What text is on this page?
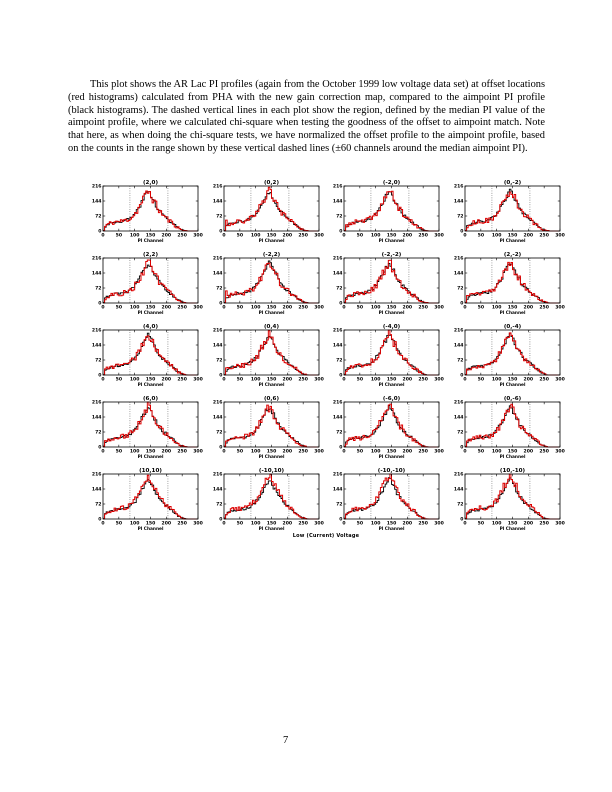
This plot shows the AR Lac PI profiles (again from the October 1999 low voltage data set) at offset locations (red histograms) calculated from PHA with the new gain correction map, compared to the aimpoint PI profile (black histograms). The dashed vertical lines in each plot show the region, defined by the median PI value of the aimpoint profile, where we calculated chi-square when testing the goodness of the offset to aimpoint match. Note that here, as when doing the chi-square tests, we have normalized the offset profile to the aimpoint profile, based on the counts in the range shown by these vertical dashed lines (±60 channels around the median aimpoint PI).

(2,0)
0 50 100 150 200 250 300
0
72
144
216
PI Channel
(0,2)
0 50 100 150 200 250 300
0
72
144
216
PI Channel
(-2,0)
0 50 100 150 200 250 300
0
72
144
216
PI Channel
(0,-2)
0 50 100 150 200 250 300
0
72
144
216
PI Channel
(2,2)
0 50 100 150 200 250 300
0
72
144
216
PI Channel
(-2,2)
0 50 100 150 200 250 300
0
72
144
216
PI Channel
(-2,-2)
0 50 100 150 200 250 300
0
72
144
216
PI Channel
(2,-2)
0 50 100 150 200 250 300
0
72
144
216
PI Channel
(4,0)
0 50 100 150 200 250 300
0
72
144
216
PI Channel
(0,4)
0 50 100 150 200 250 300
0
72
144
216
PI Channel
(-4,0)
0 50 100 150 200 250 300
0
72
144
216
PI Channel
(0,-4)
0 50 100 150 200 250 300
0
72
144
216
PI Channel
(6,0)
0 50 100 150 200 250 300
0
72
144
216
PI Channel
(0,6)
0 50 100 150 200 250 300
0
72
144
216
PI Channel
(-6,0)
0 50 100 150 200 250 300
0
72
144
216
PI Channel
(0,-6)
0 50 100 150 200 250 300
0
72
144
216
PI Channel
(10,10)
0 50 100 150 200 250 300
0
72
144
216
PI Channel
(-10,10)
0 50 100 150 200 250 300
0
72
144
216
PI Channel
(-10,-10)
0 50 100 150 200 250 300
0
72
144
216
PI Channel
(10,-10)
0 50 100 150 200 250 300
0
72
144
216
PI Channel
Low (Current) Voltage
7
